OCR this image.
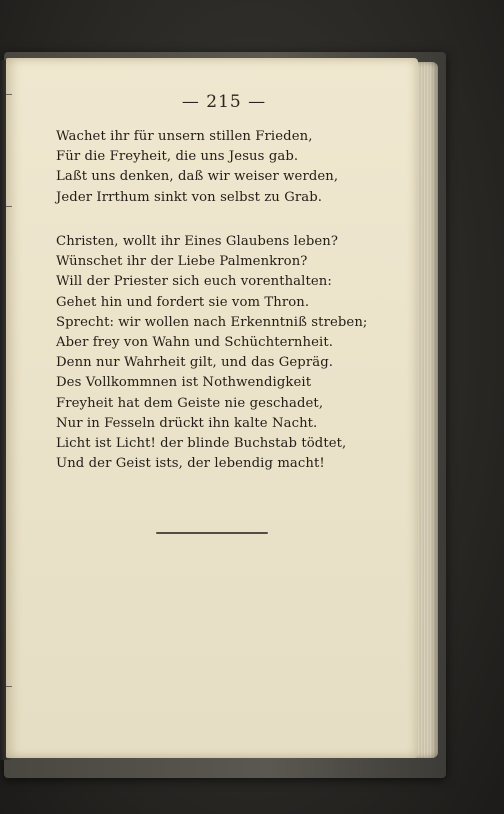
— 215 —
Wachet ihr für unsern stillen Frieden,
Für die Freyheit, die uns Jesus gab.
Laßt uns denken, daß wir weiser werden,
Jeder Irrthum sinkt von selbst zu Grab.
Christen, wollt ihr Eines Glaubens leben?
Wünschet ihr der Liebe Palmenkron?
Will der Priester sich euch vorenthalten:
Gehet hin und fordert sie vom Thron.
Sprecht: wir wollen nach Erkenntniß streben;
Aber frey von Wahn und Schüchternheit.
Denn nur Wahrheit gilt, und das Gepräg.
Des Vollkommnen ist Nothwendigkeit
Freyheit hat dem Geiste nie geschadet,
Nur in Fesseln drückt ihn kalte Nacht.
Licht ist Licht! der blinde Buchstab tödtet,
Und der Geist ists, der lebendig macht!
